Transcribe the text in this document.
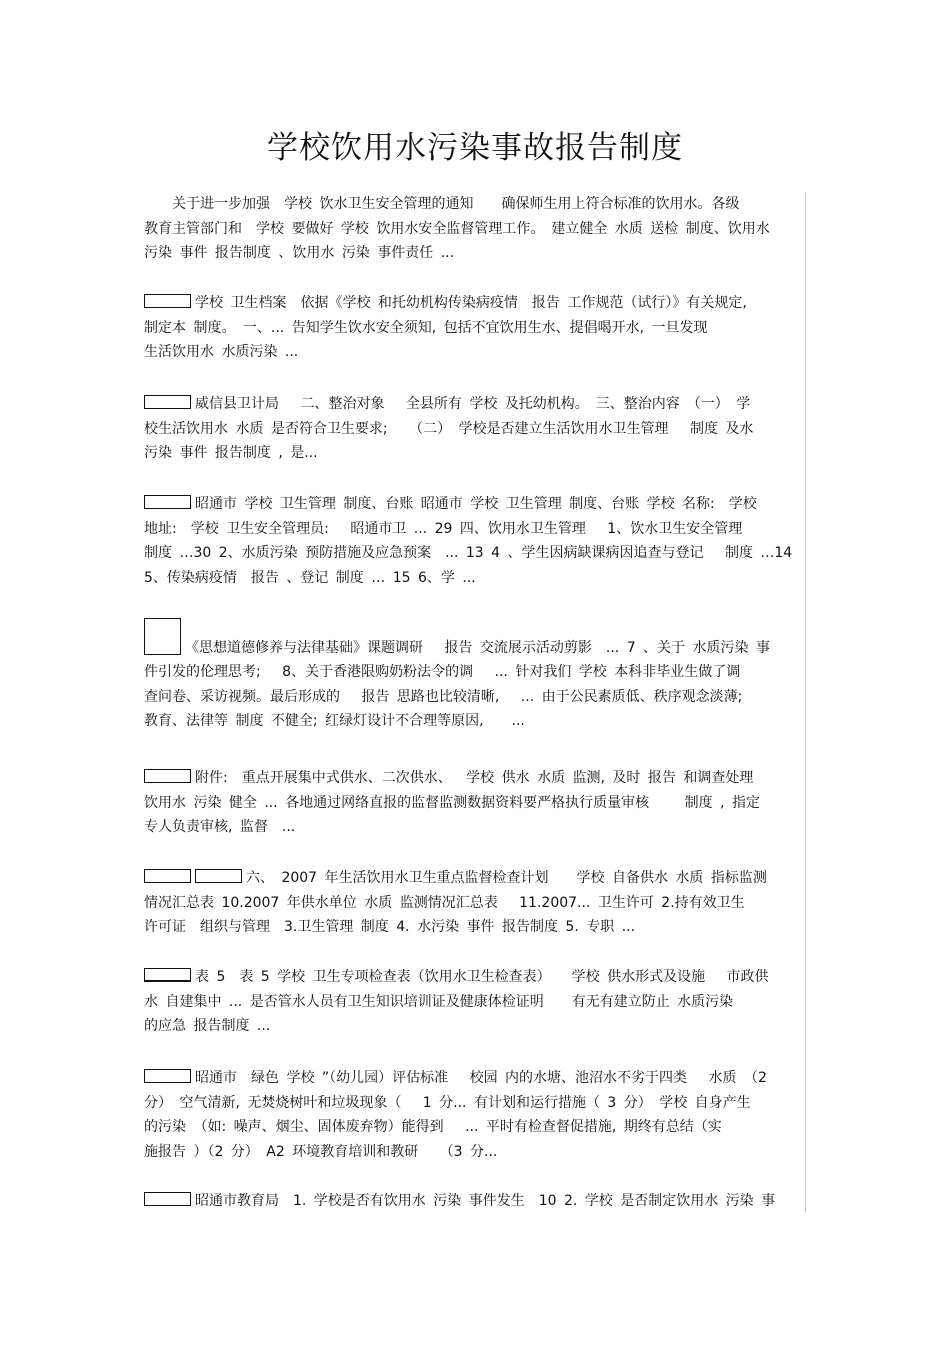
学校饮用水污染事故报告制度
　　关于进一步加强　学校 饮水卫生安全管理的通知　　确保师生用上符合标准的饮用水。各级
教育主管部门和　学校 要做好 学校 饮用水安全监督管理工作。　建立健全 水质 送检 制度、饮用水
污染 事件 报告制度 、饮用水 污染 事件责任 ...
学校 卫生档案　依据《学校 和托幼机构传染病疫情　报告 工作规范（试行）》有关规定,
制定本 制度。 一、... 告知学生饮水安全须知, 包括不宜饮用生水、提倡喝开水, 一旦发现
生活饮用水 水质污染 ...
威信县卫计局　 二、整治对象　 全县所有 学校 及托幼机构。　三、整治内容　（一） 学
校生活饮用水 水质 是否符合卫生要求;　 （二） 学校是否建立生活饮用水卫生管理　 制度 及水
污染 事件 报告制度 , 是...
昭通市 学校 卫生管理 制度、台账 昭通市 学校 卫生管理 制度、台账 学校 名称:　学校
地址:　学校 卫生安全管理员:　 昭通市卫 ... 29 四、饮用水卫生管理　 1、饮水卫生安全管理
制度 …30 2、水质污染 预防措施及应急预案　... 13 4 、学生因病缺课病因追查与登记　 制度 …14
5、传染病疫情　报告 、登记 制度 … 15 6、学 ...
《思想道德修养与法律基础》课题调研　 报告 交流展示活动剪影　... 7 、关于 水质污染 事
件引发的伦理思考;　 8、关于香港限购奶粉法令的调　 ... 针对我们 学校 本科非毕业生做了调
查问卷、采访视频。最后形成的　 报告 思路也比较清晰,　 ... 由于公民素质低、秩序观念淡薄;
教育、法律等 制度 不健全; 红绿灯设计不合理等原因,　　...
附件:　重点开展集中式供水、二次供水、　 学校 供水 水质 监测, 及时 报告 和调查处理
饮用水 污染 健全 ... 各地通过网络直报的监督监测数据资料要严格执行质量审核　　 制度 , 指定
专人负责审核, 监督　...
六、 2007 年生活饮用水卫生重点监督检查计划　　学校 自备供水 水质 指标监测
情况汇总表 10.2007 年供水单位 水质 监测情况汇总表　 11.2007... 卫生许可 2.持有效卫生
许可证　组织与管理　3.卫生管理 制度 4. 水污染 事件 报告制度 5. 专职 ...
表 5　表 5 学校 卫生专项检查表（饮用水卫生检查表）　　学校 供水形式及设施　 市政供
水 自建集中 ... 是否管水人员有卫生知识培训证及健康体检证明　　有无有建立防止 水质污染
的应急 报告制度 ...
昭通市　绿色 学校 ”（幼儿园）评估标准　 校园 内的水塘、池沼水不劣于四类　 水质 （2
分） 空气清新, 无焚烧树叶和垃圾现象（　 1 分... 有计划和运行措施（ 3 分） 学校 自身产生
的污染 （如: 噪声、烟尘、固体废弃物）能得到　 ... 平时有检查督促措施, 期终有总结（实
施报告 ）（2 分） A2 环境教育培训和教研　 （3 分...
昭通市教育局　1. 学校是否有饮用水 污染 事件发生　10 2. 学校 是否制定饮用水 污染 事
